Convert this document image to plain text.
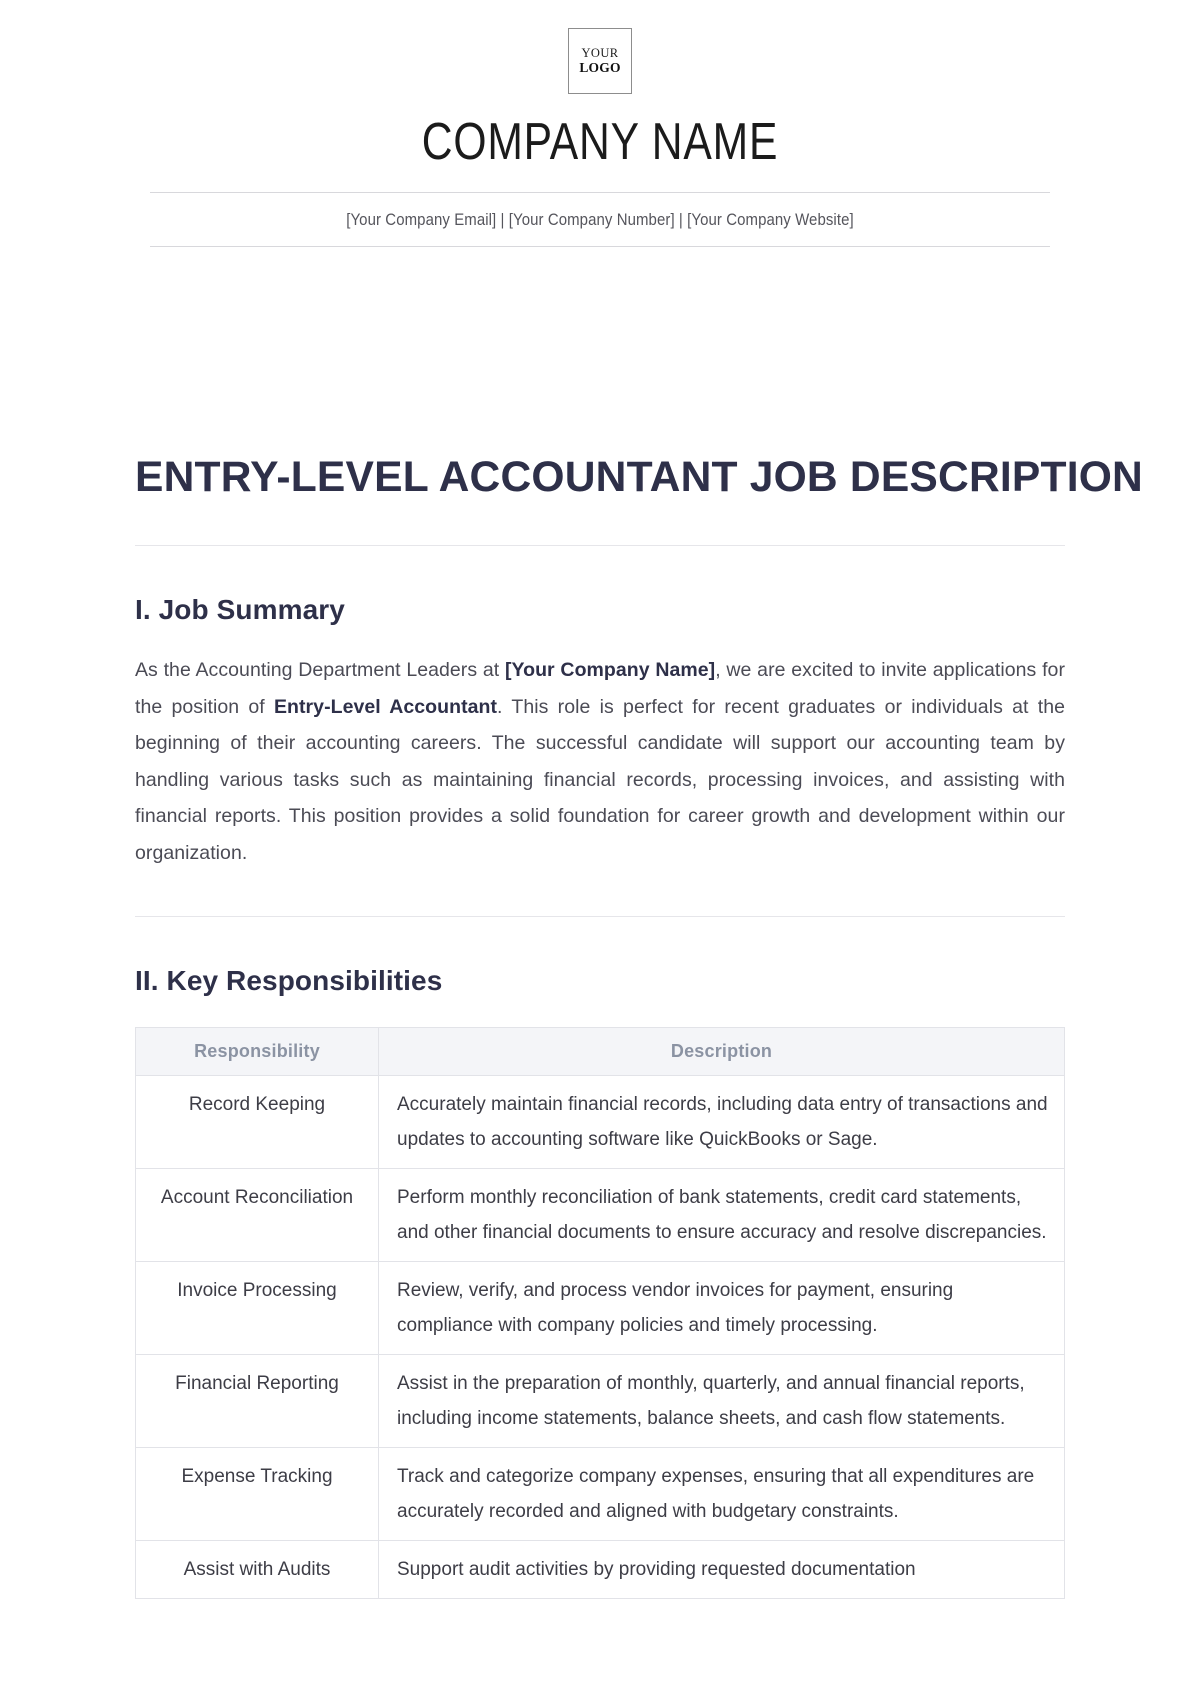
YOUR
LOGO
COMPANY NAME
[Your Company Email] | [Your Company Number] | [Your Company Website]
ENTRY-LEVEL ACCOUNTANT JOB DESCRIPTION
I. Job Summary

As the Accounting Department Leaders at [Your Company Name], we are excited to invite applications for the position of Entry-Level Accountant. This role is perfect for recent graduates or individuals at the beginning of their accounting careers. The successful candidate will support our accounting team by handling various tasks such as maintaining financial records, processing invoices, and assisting with financial reports. This position provides a solid foundation for career growth and development within our organization.

II. Key Responsibilities
Responsibility	Description
Record Keeping	Accurately maintain financial records, including data entry of transactions and updates to accounting software like QuickBooks or Sage.
Account Reconciliation	Perform monthly reconciliation of bank statements, credit card statements, and other financial documents to ensure accuracy and resolve discrepancies.
Invoice Processing	Review, verify, and process vendor invoices for payment, ensuring compliance with company policies and timely processing.
Financial Reporting	Assist in the preparation of monthly, quarterly, and annual financial reports, including income statements, balance sheets, and cash flow statements.
Expense Tracking	Track and categorize company expenses, ensuring that all expenditures are accurately recorded and aligned with budgetary constraints.
Assist with Audits	Support audit activities by providing requested documentation
